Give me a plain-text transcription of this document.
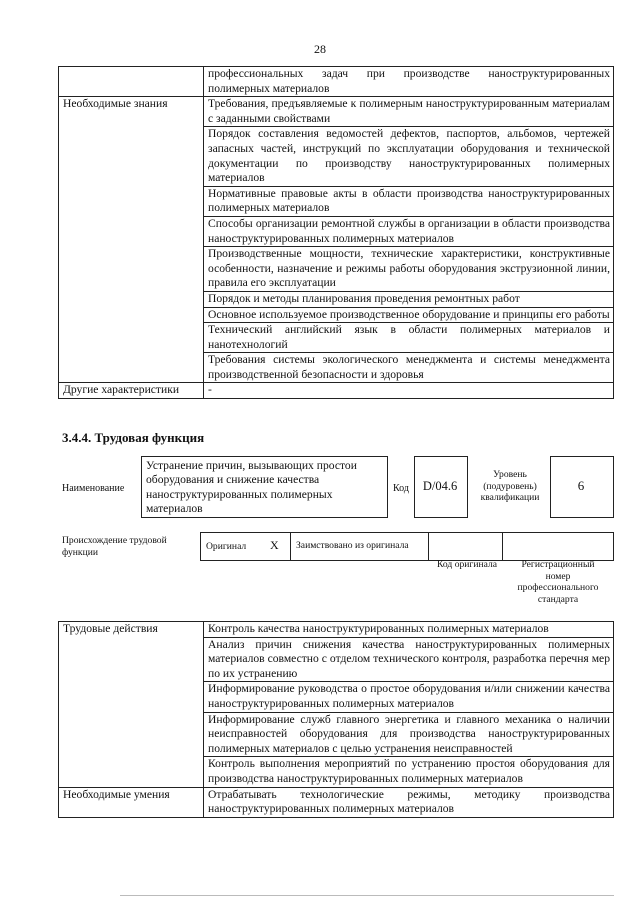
28
	профессиональных задач при производстве наноструктурированных полимерных материалов
Необходимые знания	Требования, предъявляемые к полимерным наноструктурированным материалам с заданными свойствами
	Порядок составления ведомостей дефектов, паспортов, альбомов, чертежей запасных частей, инструкций по эксплуатации оборудования и технической документации по производству наноструктурированных полимерных материалов
	Нормативные правовые акты в области производства наноструктурированных полимерных материалов
	Способы организации ремонтной службы в организации в области производства наноструктурированных полимерных материалов
	Производственные мощности, технические характеристики, конструктивные особенности, назначение и режимы работы оборудования экструзионной линии, правила его эксплуатации
	Порядок и методы планирования проведения ремонтных работ
	Основное используемое производственное оборудование и принципы его работы
	Технический английский язык в области полимерных материалов и нанотехнологий
	Требования системы экологического менеджмента и системы менеджмента производственной безопасности и здоровья
Другие характеристики	-
3.4.4. Трудовая функция
Наименование
Устранение причин, вызывающих простои оборудования и снижение качества наноструктурированных полимерных материалов
Код	D/04.6
Уровень (подуровень) квалификации
6
Происхождение трудовой функции
Оригинал X Заимствовано из оригинала
Код оригинала	Регистрационный номер профессионального стандарта
Трудовые действия	Контроль качества наноструктурированных полимерных материалов
	Анализ причин снижения качества наноструктурированных полимерных материалов совместно с отделом технического контроля, разработка перечня мер по их устранению
	Информирование руководства о простое оборудования и/или снижении качества наноструктурированных полимерных материалов
	Информирование служб главного энергетика и главного механика о наличии неисправностей оборудования для производства наноструктурированных полимерных материалов с целью устранения неисправностей
	Контроль выполнения мероприятий по устранению простоя оборудования для производства наноструктурированных полимерных материалов
Необходимые умения	Отрабатывать технологические режимы, методику производства наноструктурированных полимерных материалов
